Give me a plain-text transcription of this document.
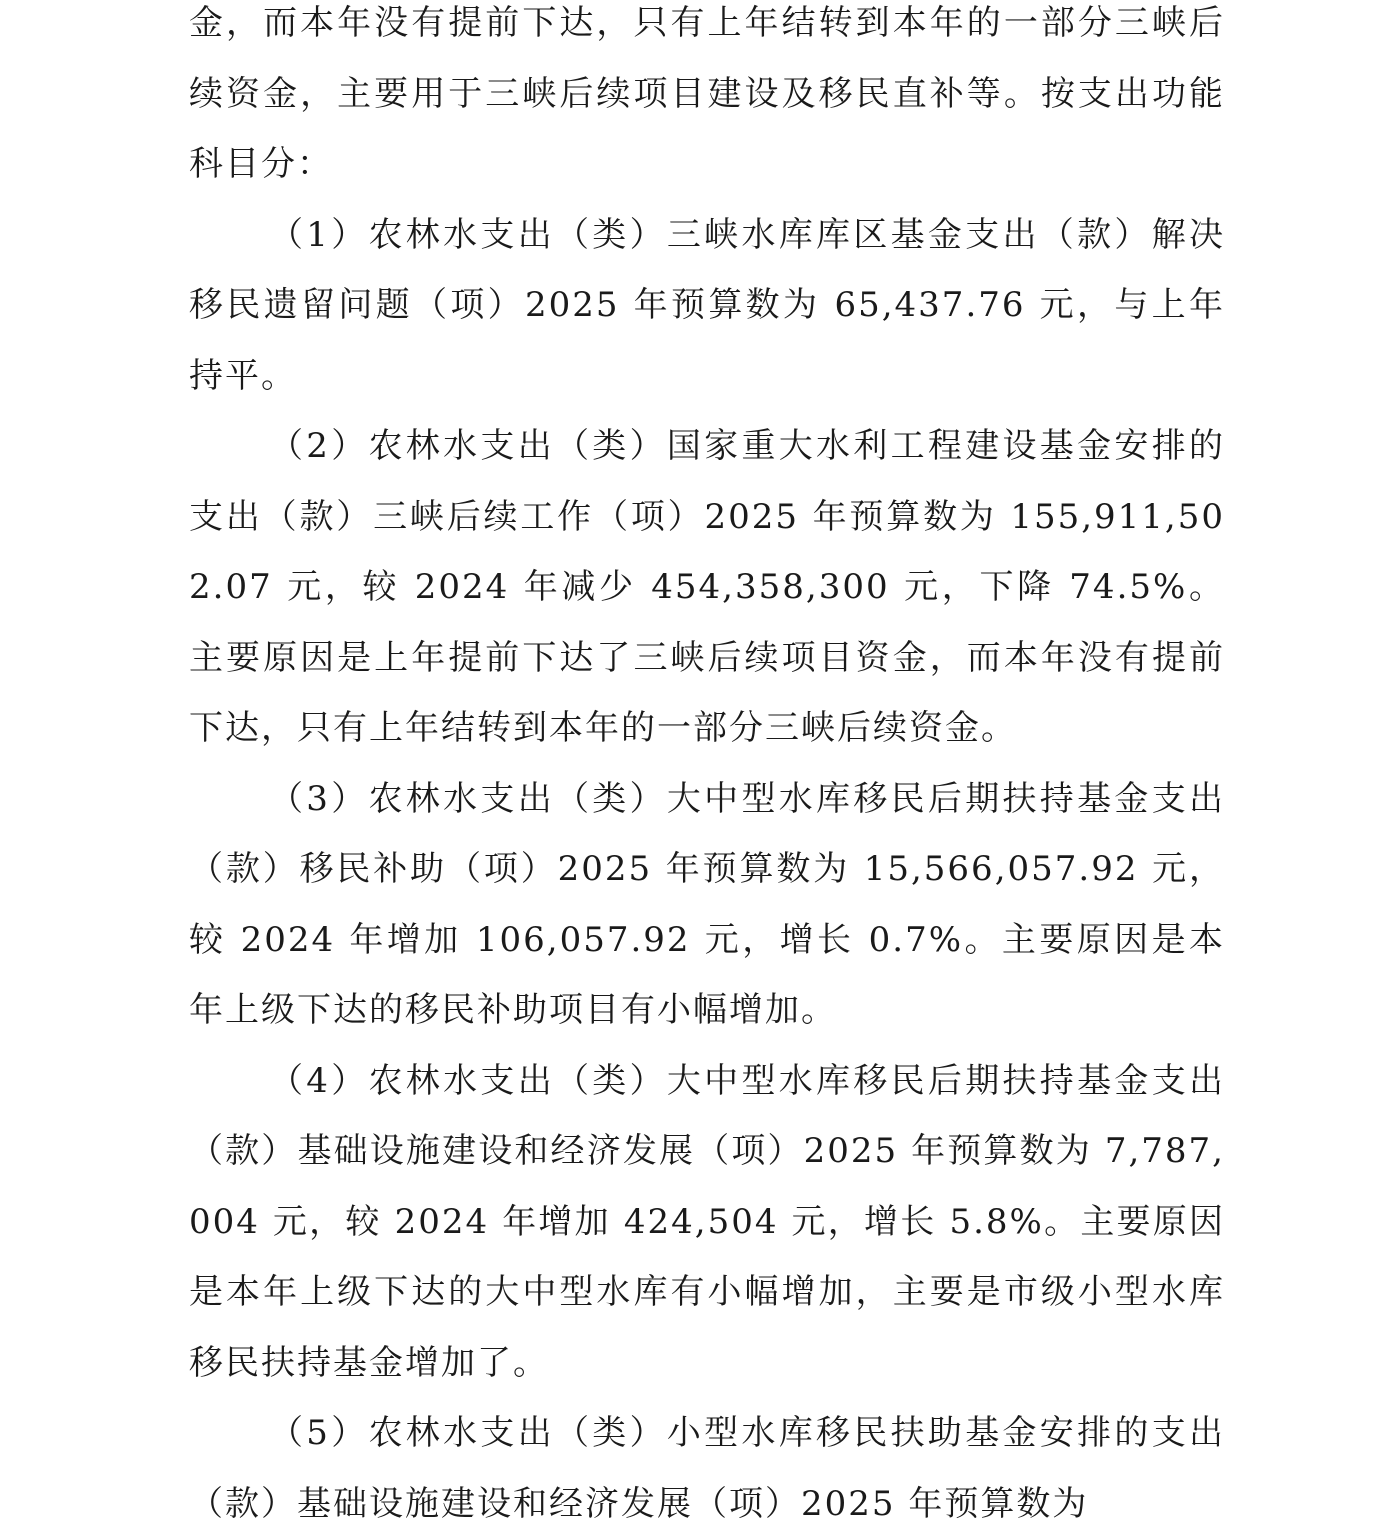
金，而本年没有提前下达，只有上年结转到本年的一部分三峡后续资金，主要用于三峡后续项目建设及移民直补等。按支出功能科目分：

（1）农林水支出（类）三峡水库库区基金支出（款）解决移民遗留问题（项）2025 年预算数为 65,437.76 元，与上年持平。

（2）农林水支出（类）国家重大水利工程建设基金安排的支出（款）三峡后续工作（项）2025 年预算数为 155,911,502.07 元，较 2024 年减少 454,358,300 元，下降 74.5%。主要原因是上年提前下达了三峡后续项目资金，而本年没有提前下达，只有上年结转到本年的一部分三峡后续资金。

（3）农林水支出（类）大中型水库移民后期扶持基金支出（款）移民补助（项）2025 年预算数为 15,566,057.92 元，较 2024 年增加 106,057.92 元，增长 0.7%。主要原因是本年上级下达的移民补助项目有小幅增加。

（4）农林水支出（类）大中型水库移民后期扶持基金支出（款）基础设施建设和经济发展（项）2025 年预算数为 7,787,004 元，较 2024 年增加 424,504 元，增长 5.8%。主要原因是本年上级下达的大中型水库有小幅增加，主要是市级小型水库移民扶持基金增加了。

（5）农林水支出（类）小型水库移民扶助基金安排的支出（款）基础设施建设和经济发展（项）2025 年预算数为
